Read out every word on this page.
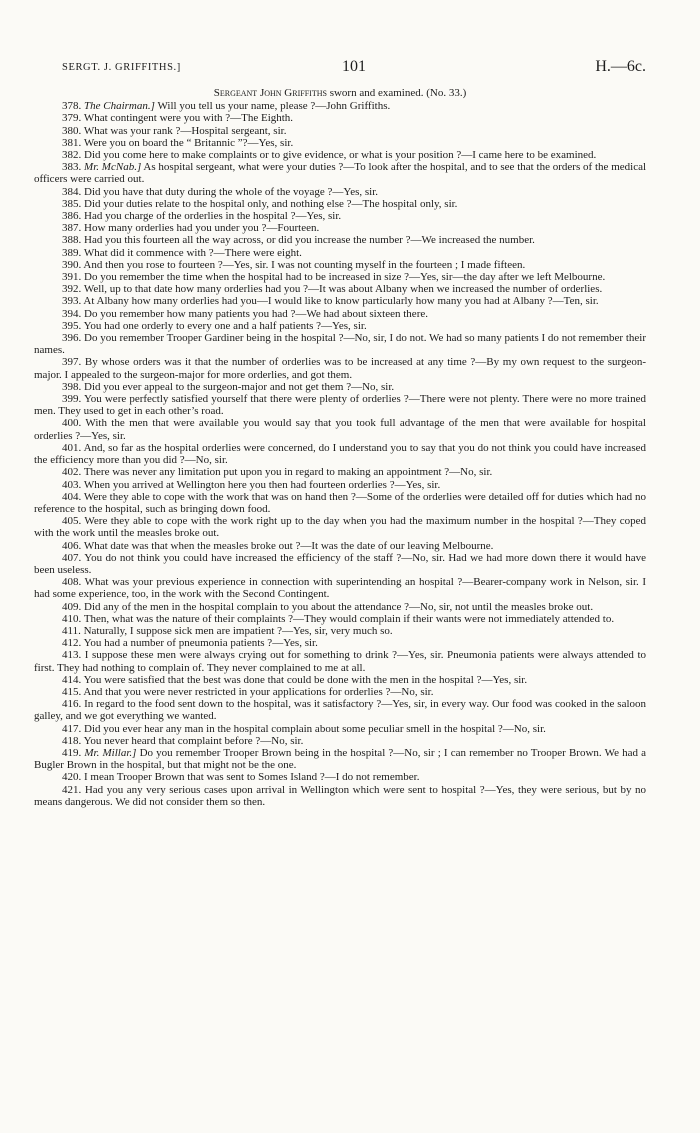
SERGT. J. GRIFFITHS.]	101	H.—6c.

Sergeant John Griffiths sworn and examined. (No. 33.)

378. The Chairman.] Will you tell us your name, please ?—John Griffiths.

379. What contingent were you with ?—The Eighth.

380. What was your rank ?—Hospital sergeant, sir.

381. Were you on board the “ Britannic ”?—Yes, sir.

382. Did you come here to make complaints or to give evidence, or what is your position ?—I came here to be examined.

383. Mr. McNab.] As hospital sergeant, what were your duties ?—To look after the hospital, and to see that the orders of the medical officers were carried out.

384. Did you have that duty during the whole of the voyage ?—Yes, sir.

385. Did your duties relate to the hospital only, and nothing else ?—The hospital only, sir.

386. Had you charge of the orderlies in the hospital ?—Yes, sir.

387. How many orderlies had you under you ?—Fourteen.

388. Had you this fourteen all the way across, or did you increase the number ?—We increased the number.

389. What did it commence with ?—There were eight.

390. And then you rose to fourteen ?—Yes, sir. I was not counting myself in the fourteen ; I made fifteen.

391. Do you remember the time when the hospital had to be increased in size ?—Yes, sir—the day after we left Melbourne.

392. Well, up to that date how many orderlies had you ?—It was about Albany when we increased the number of orderlies.

393. At Albany how many orderlies had you—I would like to know particularly how many you had at Albany ?—Ten, sir.

394. Do you remember how many patients you had ?—We had about sixteen there.

395. You had one orderly to every one and a half patients ?—Yes, sir.

396. Do you remember Trooper Gardiner being in the hospital ?—No, sir, I do not. We had so many patients I do not remember their names.

397. By whose orders was it that the number of orderlies was to be increased at any time ?—By my own request to the surgeon-major. I appealed to the surgeon-major for more orderlies, and got them.

398. Did you ever appeal to the surgeon-major and not get them ?—No, sir.

399. You were perfectly satisfied yourself that there were plenty of orderlies ?—There were not plenty. There were no more trained men. They used to get in each other’s road.

400. With the men that were available you would say that you took full advantage of the men that were available for hospital orderlies ?—Yes, sir.

401. And, so far as the hospital orderlies were concerned, do I understand you to say that you do not think you could have increased the efficiency more than you did ?—No, sir.

402. There was never any limitation put upon you in regard to making an appointment ?—No, sir.

403. When you arrived at Wellington here you then had fourteen orderlies ?—Yes, sir.

404. Were they able to cope with the work that was on hand then ?—Some of the orderlies were detailed off for duties which had no reference to the hospital, such as bringing down food.

405. Were they able to cope with the work right up to the day when you had the maximum number in the hospital ?—They coped with the work until the measles broke out.

406. What date was that when the measles broke out ?—It was the date of our leaving Melbourne.

407. You do not think you could have increased the efficiency of the staff ?—No, sir. Had we had more down there it would have been useless.

408. What was your previous experience in connection with superintending an hospital ?—Bearer-company work in Nelson, sir. I had some experience, too, in the work with the Second Contingent.

409. Did any of the men in the hospital complain to you about the attendance ?—No, sir, not until the measles broke out.

410. Then, what was the nature of their complaints ?—They would complain if their wants were not immediately attended to.

411. Naturally, I suppose sick men are impatient ?—Yes, sir, very much so.

412. You had a number of pneumonia patients ?—Yes, sir.

413. I suppose these men were always crying out for something to drink ?—Yes, sir. Pneumonia patients were always attended to first. They had nothing to complain of. They never complained to me at all.

414. You were satisfied that the best was done that could be done with the men in the hospital ?—Yes, sir.

415. And that you were never restricted in your applications for orderlies ?—No, sir.

416. In regard to the food sent down to the hospital, was it satisfactory ?—Yes, sir, in every way. Our food was cooked in the saloon galley, and we got everything we wanted.

417. Did you ever hear any man in the hospital complain about some peculiar smell in the hospital ?—No, sir.

418. You never heard that complaint before ?—No, sir.

419. Mr. Millar.] Do you remember Trooper Brown being in the hospital ?—No, sir ; I can remember no Trooper Brown. We had a Bugler Brown in the hospital, but that might not be the one.

420. I mean Trooper Brown that was sent to Somes Island ?—I do not remember.

421. Had you any very serious cases upon arrival in Wellington which were sent to hospital ?—Yes, they were serious, but by no means dangerous. We did not consider them so then.
